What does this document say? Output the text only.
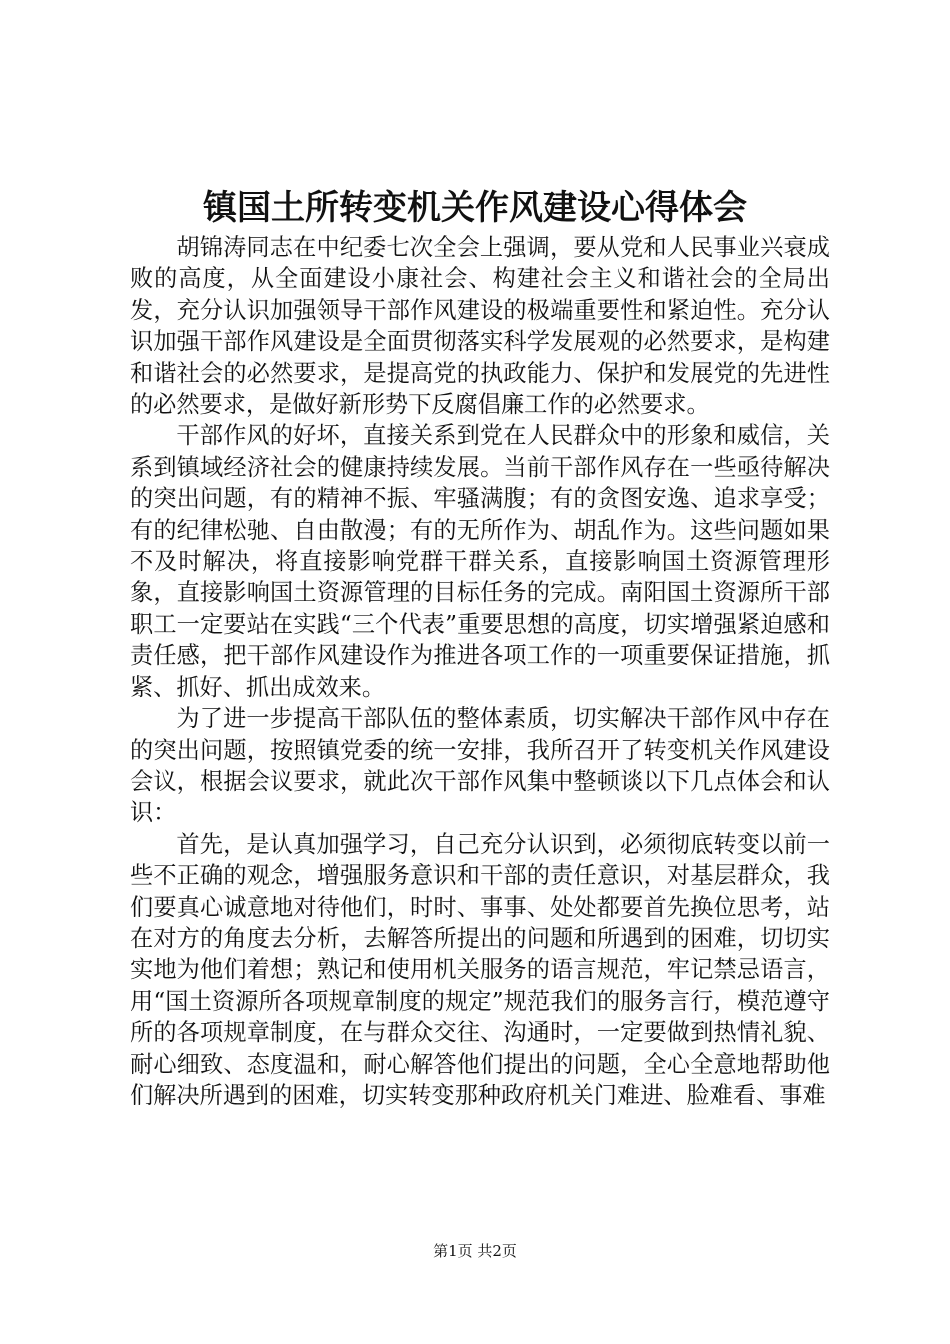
镇国土所转变机关作风建设心得体会

胡锦涛同志在中纪委七次全会上强调，要从党和人民事业兴衰成败的高度，从全面建设小康社会、构建社会主义和谐社会的全局出发，充分认识加强领导干部作风建设的极端重要性和紧迫性。充分认识加强干部作风建设是全面贯彻落实科学发展观的必然要求，是构建和谐社会的必然要求，是提高党的执政能力、保护和发展党的先进性的必然要求，是做好新形势下反腐倡廉工作的必然要求。

干部作风的好坏，直接关系到党在人民群众中的形象和威信，关系到镇域经济社会的健康持续发展。当前干部作风存在一些亟待解决的突出问题，有的精神不振、牢骚满腹；有的贪图安逸、追求享受；有的纪律松驰、自由散漫；有的无所作为、胡乱作为。这些问题如果不及时解决，将直接影响党群干群关系，直接影响国土资源管理形象，直接影响国土资源管理的目标任务的完成。南阳国土资源所干部职工一定要站在实践“三个代表”重要思想的高度，切实增强紧迫感和责任感，把干部作风建设作为推进各项工作的一项重要保证措施，抓紧、抓好、抓出成效来。

为了进一步提高干部队伍的整体素质，切实解决干部作风中存在的突出问题，按照镇党委的统一安排，我所召开了转变机关作风建设会议，根据会议要求，就此次干部作风集中整顿谈以下几点体会和认识：

首先，是认真加强学习，自己充分认识到，必须彻底转变以前一些不正确的观念，增强服务意识和干部的责任意识，对基层群众，我们要真心诚意地对待他们，时时、事事、处处都要首先换位思考，站在对方的角度去分析，去解答所提出的问题和所遇到的困难，切切实实地为他们着想；熟记和使用机关服务的语言规范，牢记禁忌语言，用“国土资源所各项规章制度的规定”规范我们的服务言行，模范遵守所的各项规章制度，在与群众交往、沟通时，一定要做到热情礼貌、耐心细致、态度温和，耐心解答他们提出的问题，全心全意地帮助他们解决所遇到的困难，切实转变那种政府机关门难进、脸难看、事难

第1页 共2页
